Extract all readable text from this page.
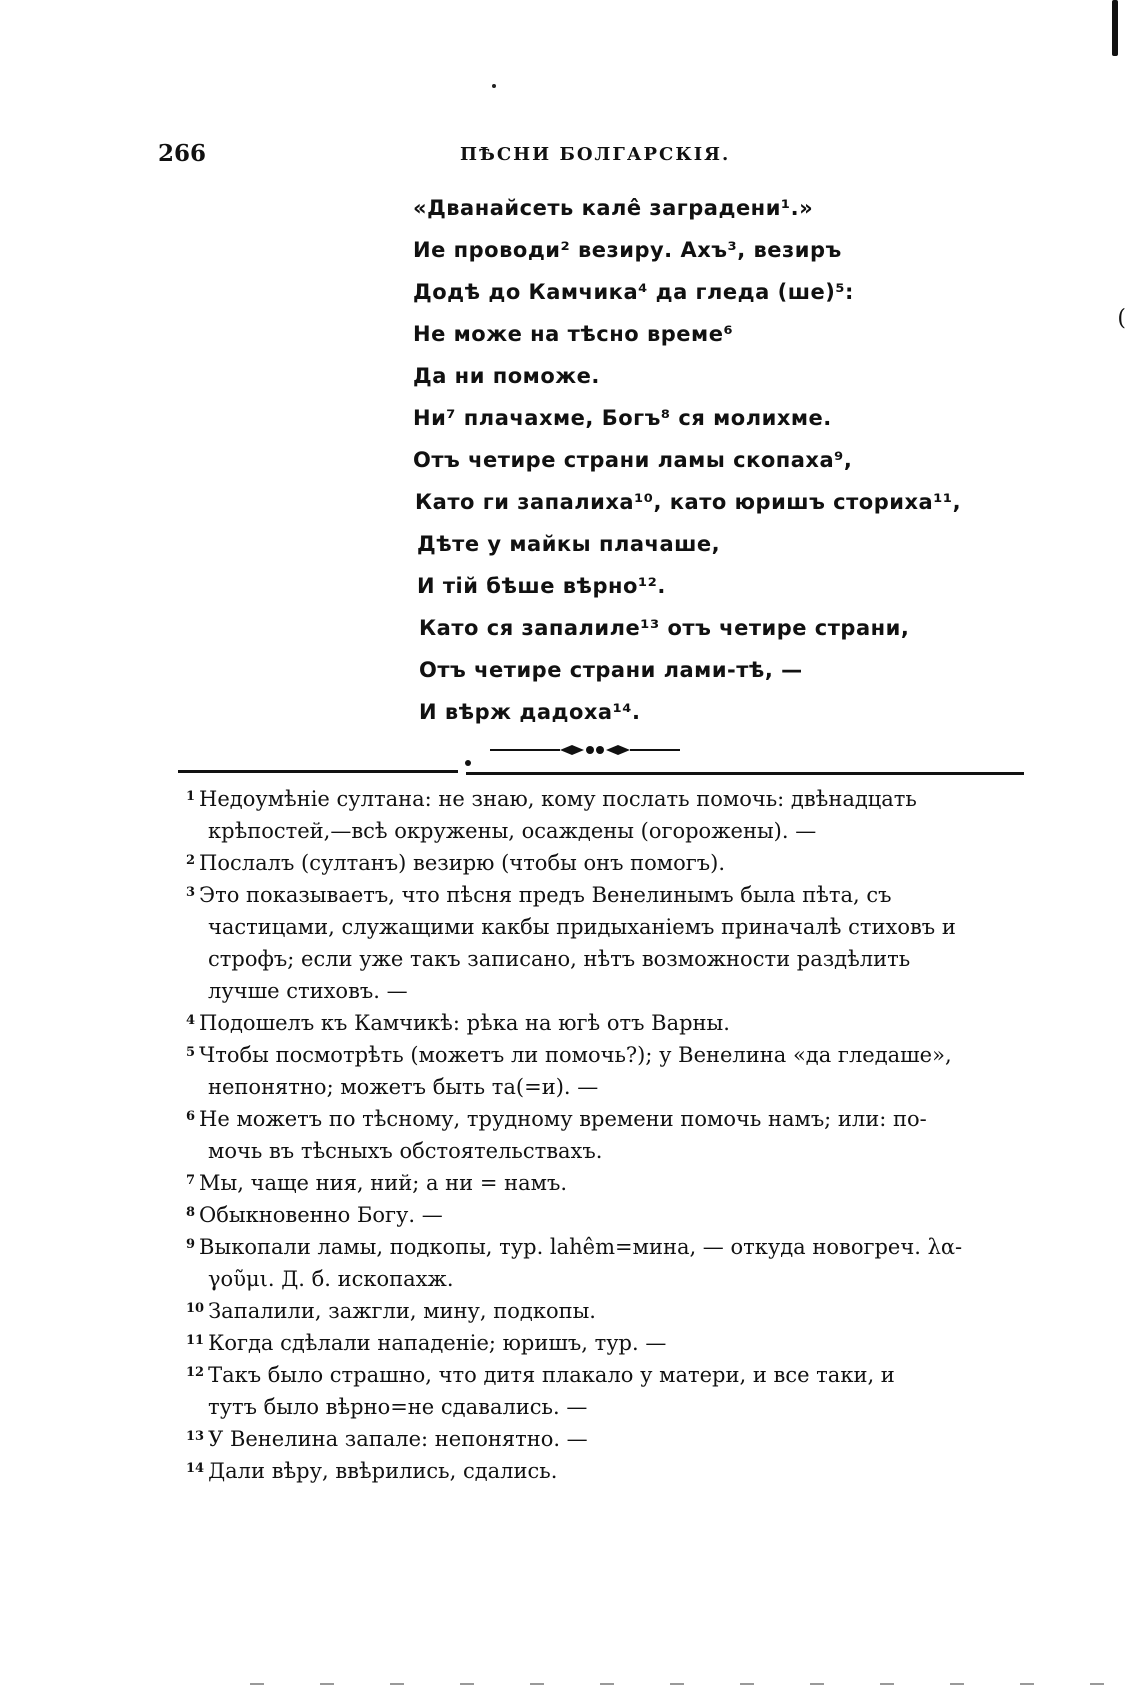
(
266	ПѢСНИ БОЛГАРСКІЯ.
«Дванайсеть кале̂ заградени¹.»
Ие проводи² везиру. Ахъ³, везиръ
Додѣ до Камчика⁴ да гледа (ше)⁵:
Не може на тѣсно време⁶
Да ни поможе.
Ни⁷ плачахме, Богъ⁸ ся молихме.
Отъ четире страни ламы скопаха⁹,
Като ги запалиха¹⁰, като юришъ сториха¹¹,
Дѣте у майкы плачаше,
И тій бѣше вѣрно¹².
Като ся запалиле¹³ отъ четире страни,
Отъ четире страни лами-тѣ, —
И вѣрж дадоха¹⁴.

$^1$ Недоумѣніе султана: не знаю, кому послать помочь: двѣнадцать
крѣпостей,—всѣ окружены, осаждены (огорожены). —

$^2$ Послалъ (султанъ) везирю (чтобы онъ помогъ).

$^3$ Это показываетъ, что пѣсня предъ Венелинымъ была пѣта, съ
частицами, служащими какбы придыханіемъ приначалѣ стиховъ и
строфъ; если уже такъ записано, нѣтъ возможности раздѣлить
лучше стиховъ. —

$^4$ Подошелъ къ Камчикѣ: рѣка на югѣ отъ Варны.

$^5$ Чтобы посмотрѣть (можетъ ли помочь?); у Венелина «да гледаше»,
непонятно; можетъ быть та(=и). —

$^6$ Не можетъ по тѣсному, трудному времени помочь намъ; или: по-
мочь въ тѣсныхъ обстоятельствахъ.

$^7$ Мы, чаще ния, ний; а ни = намъ.

$^8$ Обыкновенно Богу. —

$^9$ Выкопали ламы, подкопы, тур. lahêm=мина, — откуда новогреч. λα-
γοῦμι. Д. б. ископахж.

$^{10}$ Запалили, зажгли, мину, подкопы.

$^{11}$ Когда сдѣлали нападеніе; юришъ, тур. —

$^{12}$ Такъ было страшно, что дитя плакало у матери, и все таки, и
тутъ было вѣрно=не сдавались. —

$^{13}$ У Венелина запале: непонятно. —

$^{14}$ Дали вѣру, ввѣрились, сдались.
